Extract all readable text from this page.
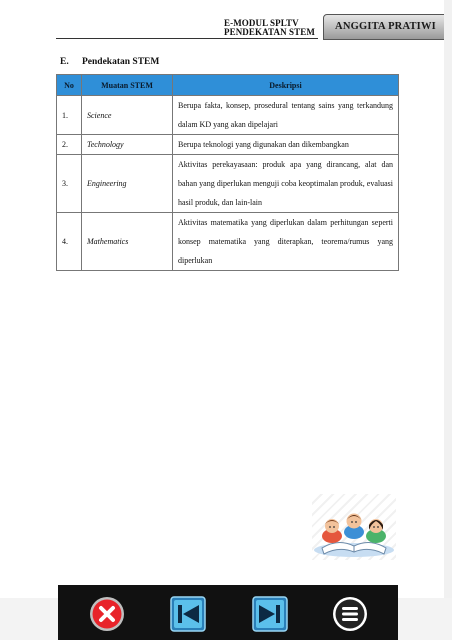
E-MODUL SPLTV
PENDEKATAN STEM	ANGGITA PRATIWI
E. Pendekatan STEM
No	Muatan STEM	Deskripsi
1.	Science	Berupa fakta, konsep, prosedural tentang sains yang terkandung dalam KD yang akan dipelajari
2.	Technology	Berupa teknologi yang digunakan dan dikembangkan
3.	Engineering	Aktivitas perekayasaan: produk apa yang dirancang, alat dan bahan yang diperlukan menguji coba keoptimalan produk, evaluasi hasil produk, dan lain-lain
4.	Mathematics	Aktivitas matematika yang diperlukan dalam perhitungan seperti konsep matematika yang diterapkan, teorema/rumus yang diperlukan
